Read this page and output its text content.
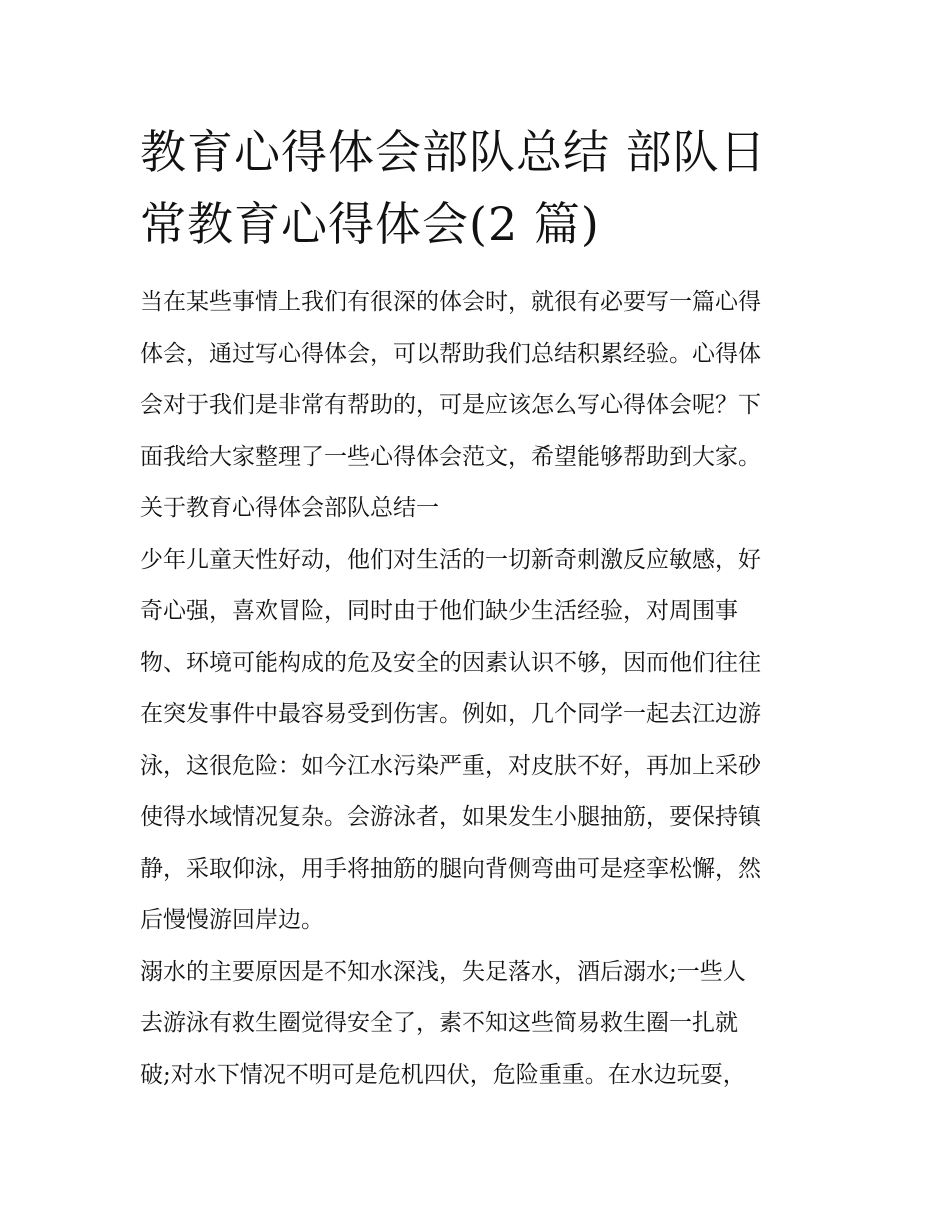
教育心得体会部队总结 部队日
常教育心得体会(2 篇)
当在某些事情上我们有很深的体会时，就很有必要写一篇心得
体会，通过写心得体会，可以帮助我们总结积累经验。心得体
会对于我们是非常有帮助的，可是应该怎么写心得体会呢？下
面我给大家整理了一些心得体会范文，希望能够帮助到大家。
关于教育心得体会部队总结一
少年儿童天性好动，他们对生活的一切新奇刺激反应敏感，好
奇心强，喜欢冒险，同时由于他们缺少生活经验，对周围事
物、环境可能构成的危及安全的因素认识不够，因而他们往往
在突发事件中最容易受到伤害。例如，几个同学一起去江边游
泳，这很危险：如今江水污染严重，对皮肤不好，再加上采砂
使得水域情况复杂。会游泳者，如果发生小腿抽筋，要保持镇
静，采取仰泳，用手将抽筋的腿向背侧弯曲可是痉挛松懈，然
后慢慢游回岸边。
溺水的主要原因是不知水深浅，失足落水，酒后溺水;一些人
去游泳有救生圈觉得安全了，素不知这些简易救生圈一扎就
破;对水下情况不明可是危机四伏，危险重重。在水边玩耍，
